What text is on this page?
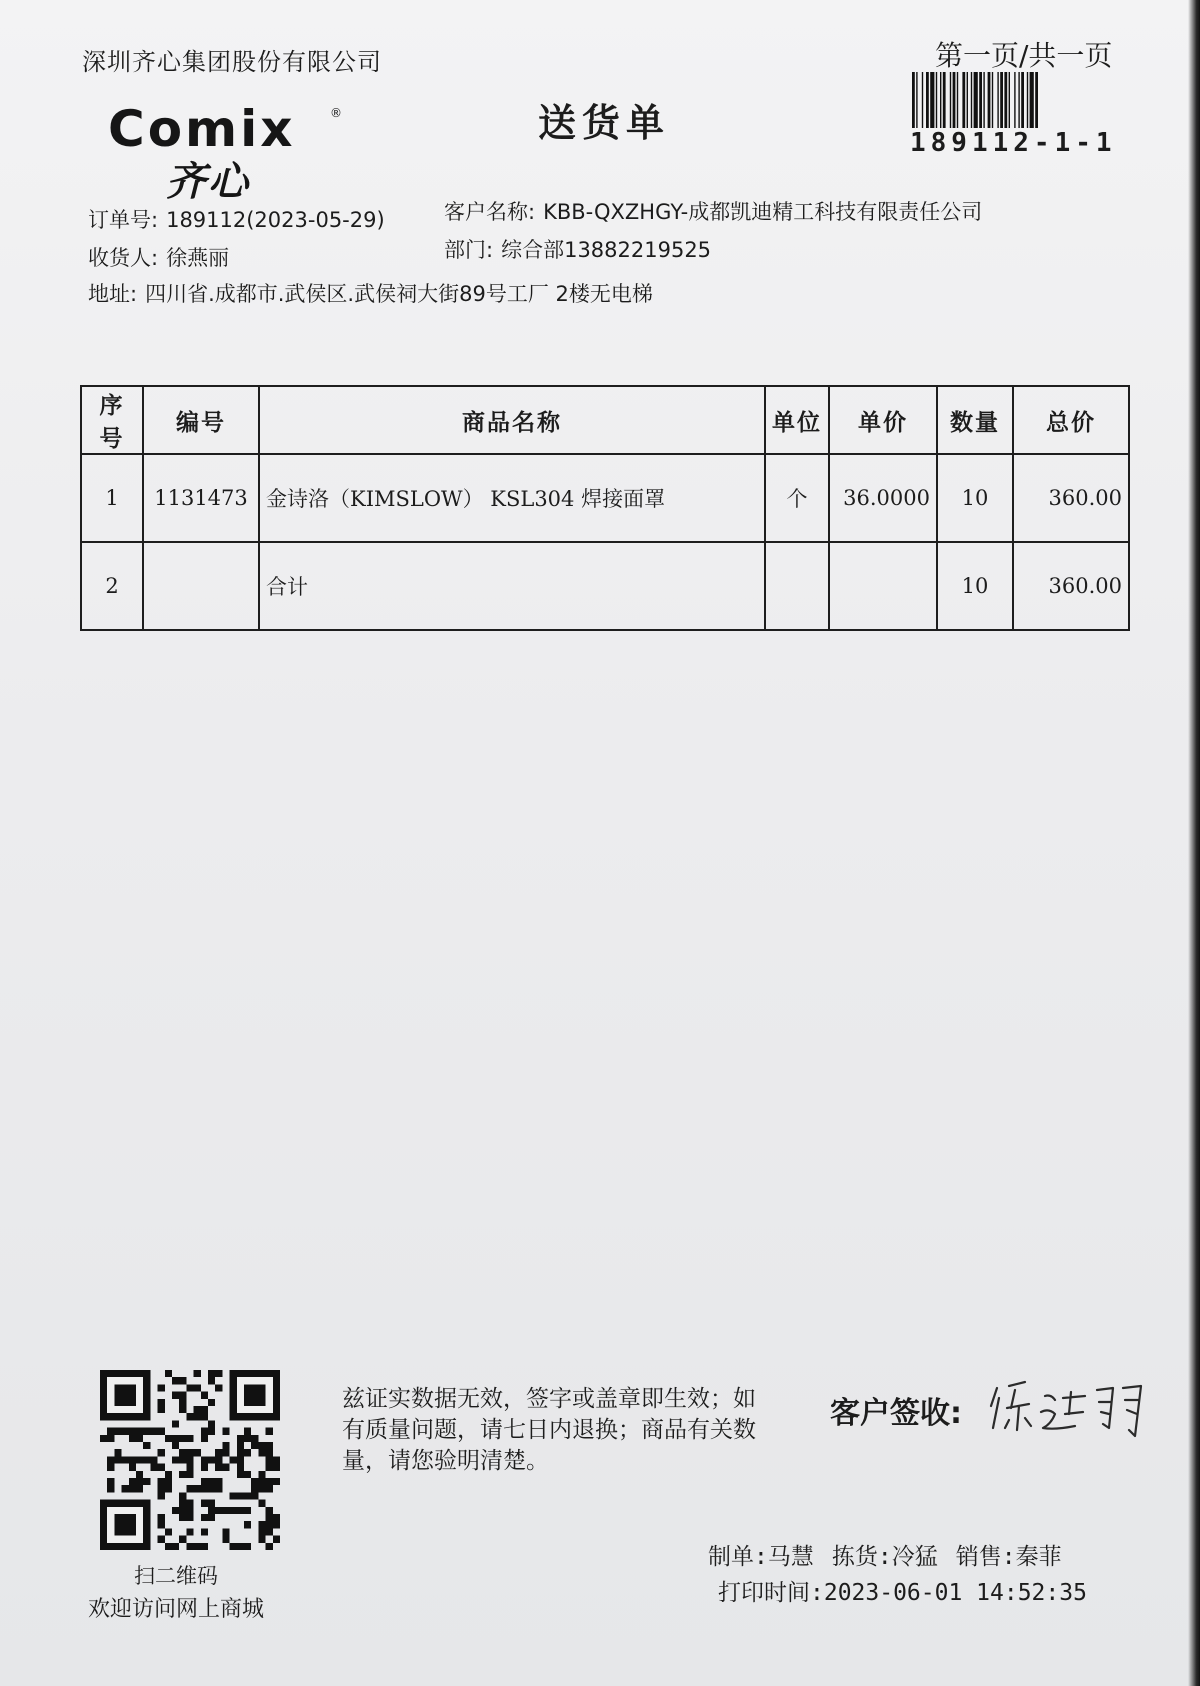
深圳齐心集团股份有限公司	第一页/共一页
送货单	189112-1-1
Comix	®
齐心
订单号: 189112(2023-05-29)
收货人: 徐燕丽
地址: 四川省.成都市.武侯区.武侯祠大街89号工厂 2楼无电梯
客户名称: KBB-QXZHGY-成都凯迪精工科技有限责任公司
部门: 综合部13882219525
序号	编号	商品名称	单位	单价	数量	总价
1	1131473	金诗洛（KIMSLOW） KSL304 焊接面罩	个	36.0000	10	360.00
2		合计			10	360.00
扫二维码
欢迎访问网上商城
兹证实数据无效，签字或盖章即生效；如有质量问题，请七日内退换；商品有关数量，请您验明清楚。
客户签收:
制单:马慧 拣货:冷猛 销售:秦菲
打印时间:2023-06-01 14:52:35
